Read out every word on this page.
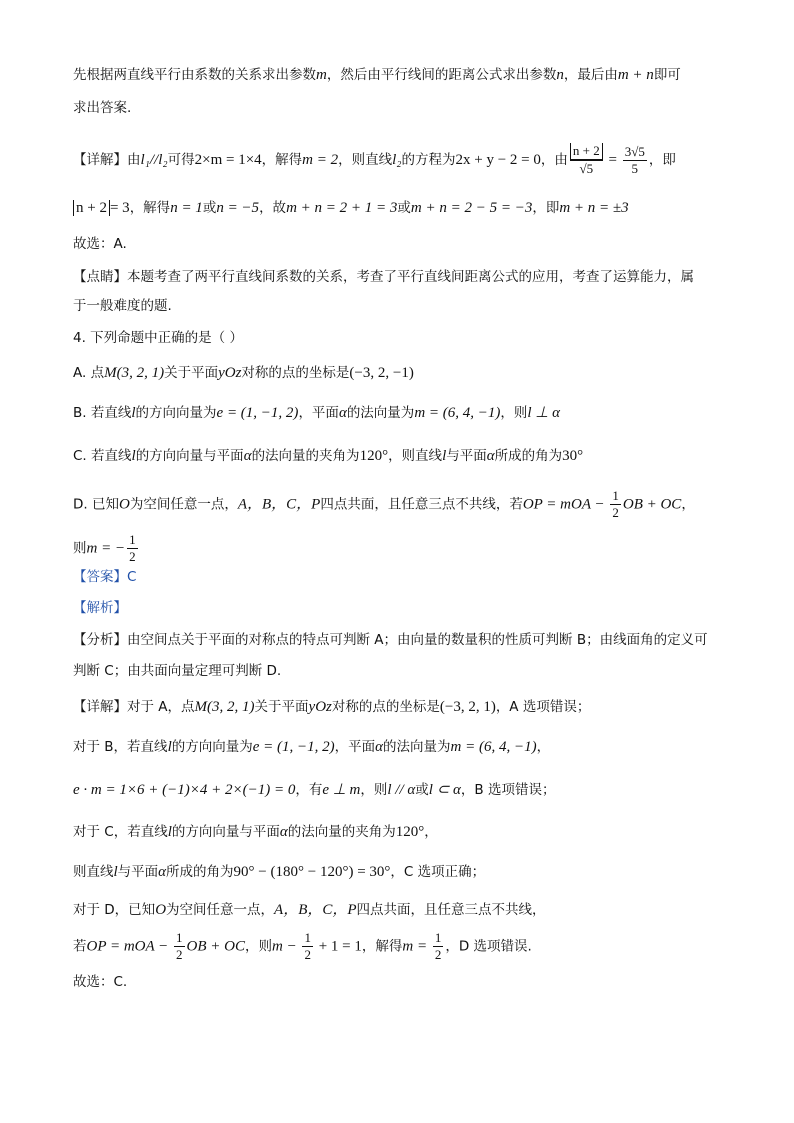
先根据两直线平行由系数的关系求出参数m，然后由平行线间的距离公式求出参数n，最后由m + n即可
求出答案.
【详解】由l₁//l₂可得2×m = 1×4，解得m = 2，则直线l₂的方程为2x + y − 2 = 0，由 $\frac{n + 2}{√5} = \frac{3√5}{5}$ ，即
n + 2 = 3，解得n = 1或n = −5，故m + n = 2 + 1 = 3或m + n = 2 − 5 = −3，即m + n = ±3
故选：A.
【点睛】本题考查了两平行直线间系数的关系，考查了平行直线间距离公式的应用，考查了运算能力，属
于一般难度的题.
4. 下列命题中正确的是（ ）
A. 点M(3, 2, 1)关于平面yOz对称的点的坐标是(−3, 2, −1)
B. 若直线l的方向向量为e = (1, −1, 2)，平面α的法向量为m = (6, 4, −1)，则l ⊥ α
C. 若直线l的方向向量与平面α的法向量的夹角为120°，则直线l与平面α所成的角为30°
D. 已知O为空间任意一点，A，B，C，P四点共面，且任意三点不共线，若OP = mOA − $\frac{1}{2}$ OB + OC，
则m = − $\frac{1}{2}$
【答案】C
【解析】
【分析】由空间点关于平面的对称点的特点可判断 A；由向量的数量积的性质可判断 B；由线面角的定义可
判断 C；由共面向量定理可判断 D.
【详解】对于 A，点M(3, 2, 1)关于平面yOz对称的点的坐标是(−3, 2, 1)，A 选项错误；
对于 B，若直线l的方向向量为e = (1, −1, 2)，平面α的法向量为m = (6, 4, −1)，
e · m = 1×6 + (−1)×4 + 2×(−1) = 0，有e ⊥ m，则l // α或l ⊂ α，B 选项错误；
对于 C，若直线l的方向向量与平面α的法向量的夹角为120°，
则直线l与平面α所成的角为90° − (180° − 120°) = 30°，C 选项正确；
对于 D，已知O为空间任意一点，A，B，C，P四点共面，且任意三点不共线，
若OP = mOA − $\frac{1}{2}$ OB + OC，则$m - \frac{1}{2} + 1 = 1$，解得$m = \frac{1}{2}$ ，D 选项错误.
故选：C.
